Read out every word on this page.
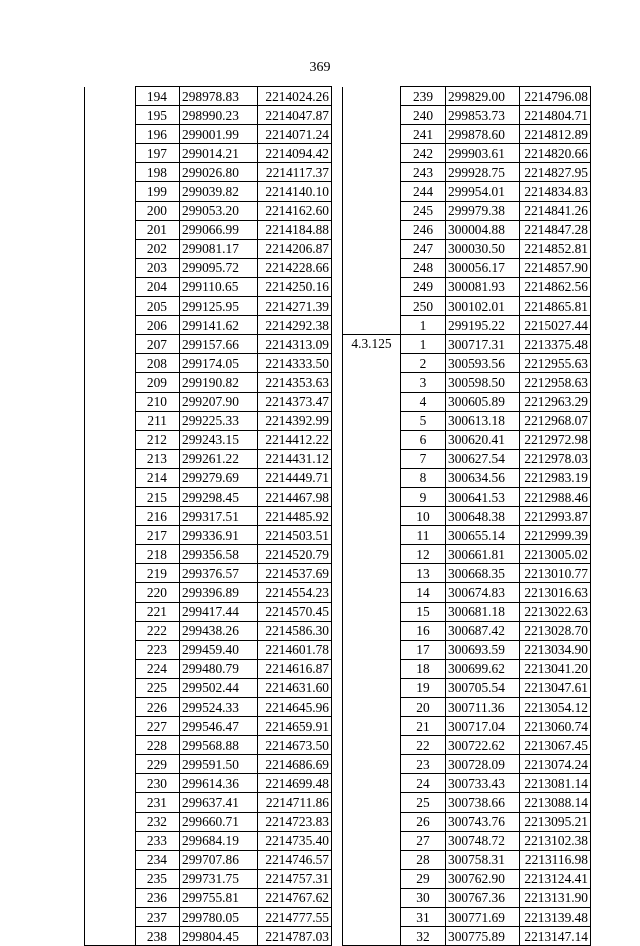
369
	194	298978.83	2214024.26
	195	298990.23	2214047.87
	196	299001.99	2214071.24
	197	299014.21	2214094.42
	198	299026.80	2214117.37
	199	299039.82	2214140.10
	200	299053.20	2214162.60
	201	299066.99	2214184.88
	202	299081.17	2214206.87
	203	299095.72	2214228.66
	204	299110.65	2214250.16
	205	299125.95	2214271.39
	206	299141.62	2214292.38
	207	299157.66	2214313.09
	208	299174.05	2214333.50
	209	299190.82	2214353.63
	210	299207.90	2214373.47
	211	299225.33	2214392.99
	212	299243.15	2214412.22
	213	299261.22	2214431.12
	214	299279.69	2214449.71
	215	299298.45	2214467.98
	216	299317.51	2214485.92
	217	299336.91	2214503.51
	218	299356.58	2214520.79
	219	299376.57	2214537.69
	220	299396.89	2214554.23
	221	299417.44	2214570.45
	222	299438.26	2214586.30
	223	299459.40	2214601.78
	224	299480.79	2214616.87
	225	299502.44	2214631.60
	226	299524.33	2214645.96
	227	299546.47	2214659.91
	228	299568.88	2214673.50
	229	299591.50	2214686.69
	230	299614.36	2214699.48
	231	299637.41	2214711.86
	232	299660.71	2214723.83
	233	299684.19	2214735.40
	234	299707.86	2214746.57
	235	299731.75	2214757.31
	236	299755.81	2214767.62
	237	299780.05	2214777.55
	238	299804.45	2214787.03
	239	299829.00	2214796.08
	240	299853.73	2214804.71
	241	299878.60	2214812.89
	242	299903.61	2214820.66
	243	299928.75	2214827.95
	244	299954.01	2214834.83
	245	299979.38	2214841.26
	246	300004.88	2214847.28
	247	300030.50	2214852.81
	248	300056.17	2214857.90
	249	300081.93	2214862.56
	250	300102.01	2214865.81
	1	299195.22	2215027.44
4.3.125	1	300717.31	2213375.48
	2	300593.56	2212955.63
	3	300598.50	2212958.63
	4	300605.89	2212963.29
	5	300613.18	2212968.07
	6	300620.41	2212972.98
	7	300627.54	2212978.03
	8	300634.56	2212983.19
	9	300641.53	2212988.46
	10	300648.38	2212993.87
	11	300655.14	2212999.39
	12	300661.81	2213005.02
	13	300668.35	2213010.77
	14	300674.83	2213016.63
	15	300681.18	2213022.63
	16	300687.42	2213028.70
	17	300693.59	2213034.90
	18	300699.62	2213041.20
	19	300705.54	2213047.61
	20	300711.36	2213054.12
	21	300717.04	2213060.74
	22	300722.62	2213067.45
	23	300728.09	2213074.24
	24	300733.43	2213081.14
	25	300738.66	2213088.14
	26	300743.76	2213095.21
	27	300748.72	2213102.38
	28	300758.31	2213116.98
	29	300762.90	2213124.41
	30	300767.36	2213131.90
	31	300771.69	2213139.48
	32	300775.89	2213147.14
